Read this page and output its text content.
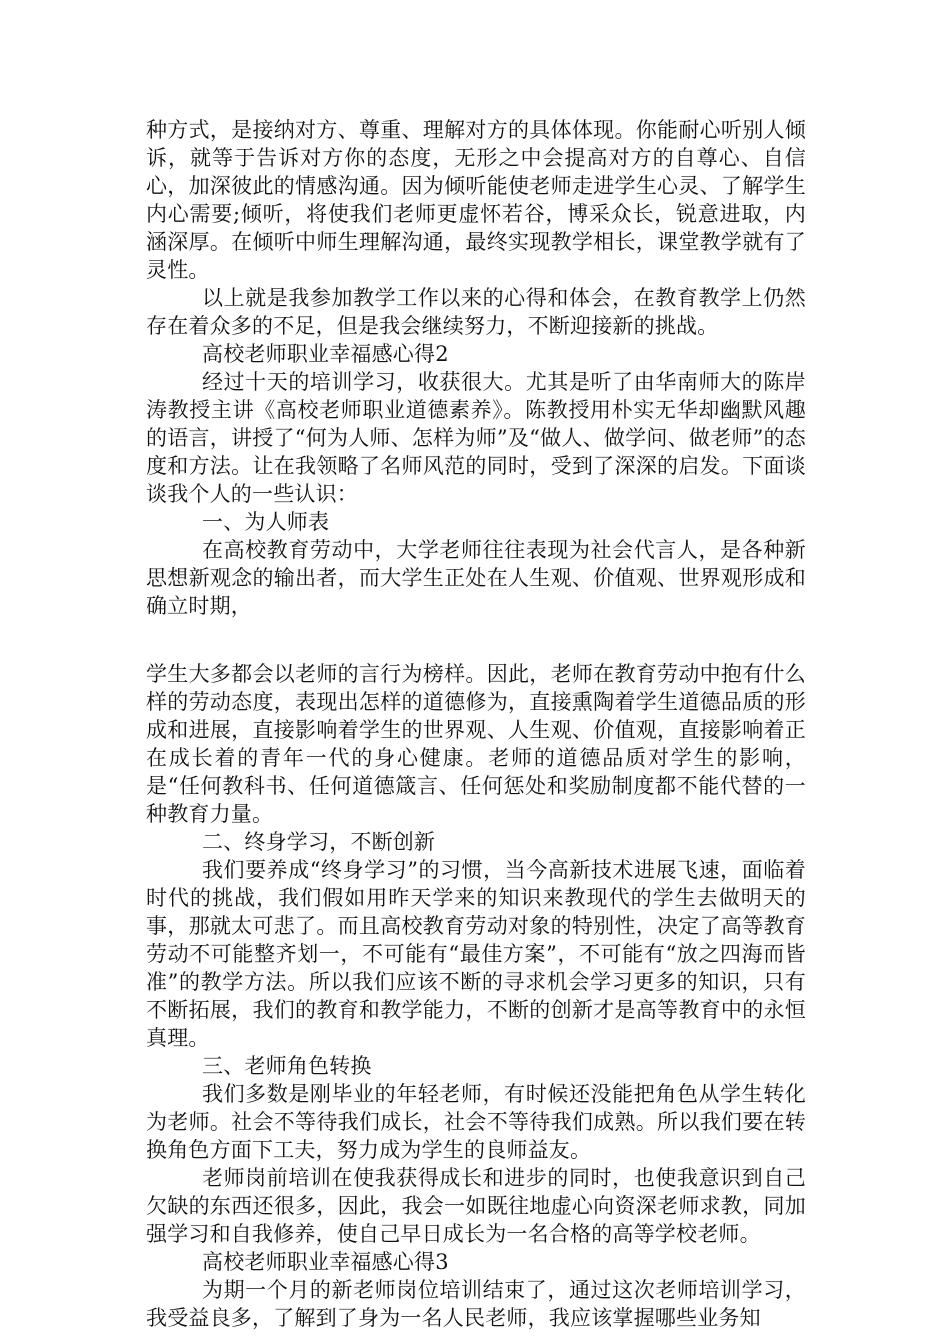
种方式，是接纳对方、尊重、理解对方的具体体现。你能耐心听别人倾诉，就等于告诉对方你的态度，无形之中会提高对方的自尊心、自信心，加深彼此的情感沟通。因为倾听能使老师走进学生心灵、了解学生内心需要;倾听，将使我们老师更虚怀若谷，博采众长，锐意进取，内涵深厚。在倾听中师生理解沟通，最终实现教学相长，课堂教学就有了灵性。

以上就是我参加教学工作以来的心得和体会，在教育教学上仍然存在着众多的不足，但是我会继续努力，不断迎接新的挑战。

高校老师职业幸福感心得2

经过十天的培训学习，收获很大。尤其是听了由华南师大的陈岸涛教授主讲《高校老师职业道德素养》。陈教授用朴实无华却幽默风趣的语言，讲授了“何为人师、怎样为师”及“做人、做学问、做老师”的态度和方法。让在我领略了名师风范的同时，受到了深深的启发。下面谈谈我个人的一些认识：

一、为人师表

在高校教育劳动中，大学老师往往表现为社会代言人，是各种新思想新观念的输出者，而大学生正处在人生观、价值观、世界观形成和确立时期，

学生大多都会以老师的言行为榜样。因此，老师在教育劳动中抱有什么样的劳动态度，表现出怎样的道德修为，直接熏陶着学生道德品质的形成和进展，直接影响着学生的世界观、人生观、价值观，直接影响着正在成长着的青年一代的身心健康。老师的道德品质对学生的影响，是“任何教科书、任何道德箴言、任何惩处和奖励制度都不能代替的一种教育力量。

二、终身学习，不断创新

我们要养成“终身学习”的习惯，当今高新技术进展飞速，面临着时代的挑战，我们假如用昨天学来的知识来教现代的学生去做明天的事，那就太可悲了。而且高校教育劳动对象的特别性，决定了高等教育劳动不可能整齐划一，不可能有“最佳方案”，不可能有“放之四海而皆准”的教学方法。所以我们应该不断的寻求机会学习更多的知识，只有不断拓展，我们的教育和教学能力，不断的创新才是高等教育中的永恒真理。

三、老师角色转换

我们多数是刚毕业的年轻老师，有时候还没能把角色从学生转化为老师。社会不等待我们成长，社会不等待我们成熟。所以我们要在转换角色方面下工夫，努力成为学生的良师益友。

老师岗前培训在使我获得成长和进步的同时，也使我意识到自己欠缺的东西还很多，因此，我会一如既往地虚心向资深老师求教，同加强学习和自我修养，使自己早日成长为一名合格的高等学校老师。

高校老师职业幸福感心得3

为期一个月的新老师岗位培训结束了，通过这次老师培训学习，我受益良多，了解到了身为一名人民老师，我应该掌握哪些业务知
